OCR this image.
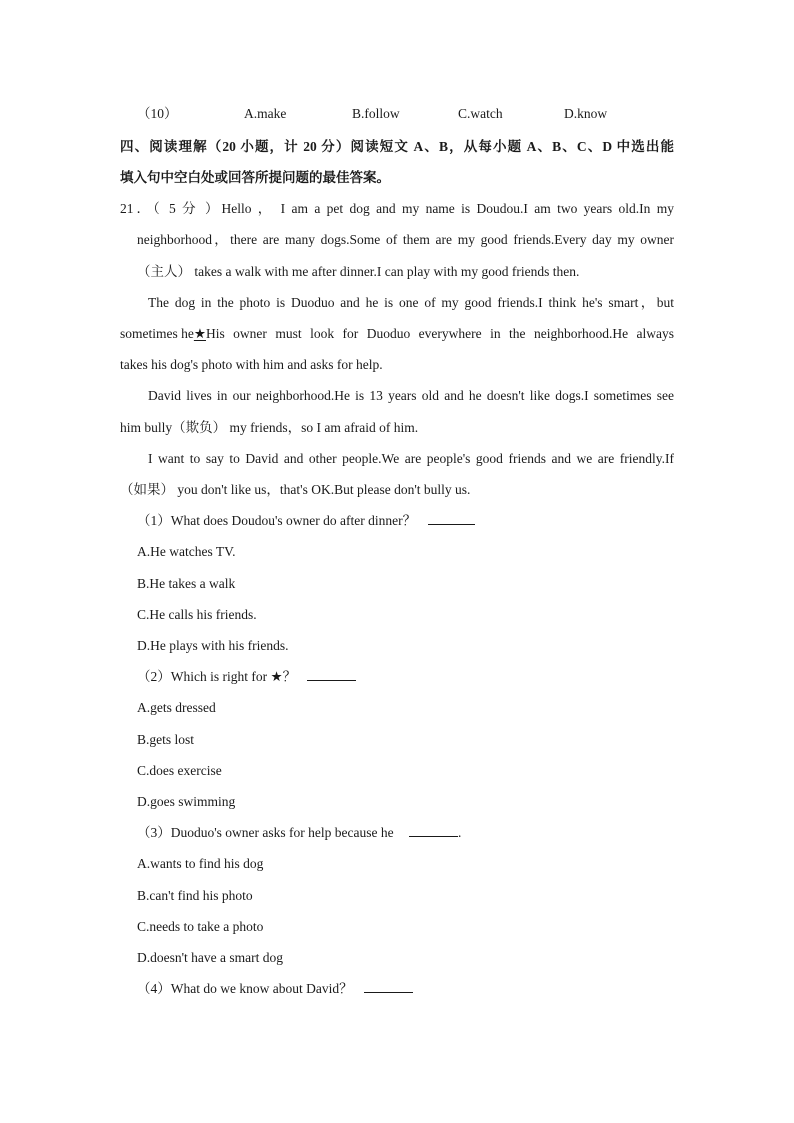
（10）	A.make	B.follow	C.watch	D.know
四、阅读理解（20 小题，计 20 分）阅读短文 A、B，从每小题 A、B、C、D 中选出能
填入句中空白处或回答所提问题的最佳答案。
21．（ 5 分 ）Hello ， I am a pet dog and my name is Doudou.I am two years old.In my
neighborhood，there are many dogs.Some of them are my good friends.Every day my owner
（主人） takes a walk with me after dinner.I can play with my good friends then.
The dog in the photo is Duoduo and he is one of my good friends.I think he's smart，but
sometimes he★ His owner must look for Duoduo everywhere in the neighborhood.He always
takes his dog's photo with him and asks for help.
David lives in our neighborhood.He is 13 years old and he doesn't like dogs.I sometimes see
him bully（欺负） my friends，so I am afraid of him.
I want to say to David and other people.We are people's good friends and we are friendly.If
（如果） you don't like us，that's OK.But please don't bully us.
（1）What does Doudou's owner do after dinner？
A.He watches TV.
B.He takes a walk
C.He calls his friends.
D.He plays with his friends.
（2）Which is right for ★？
A.gets dressed
B.gets lost
C.does exercise
D.goes swimming
（3）Duoduo's owner asks for help because he	.
A.wants to find his dog
B.can't find his photo
C.needs to take a photo
D.doesn't have a smart dog
（4）What do we know about David？
